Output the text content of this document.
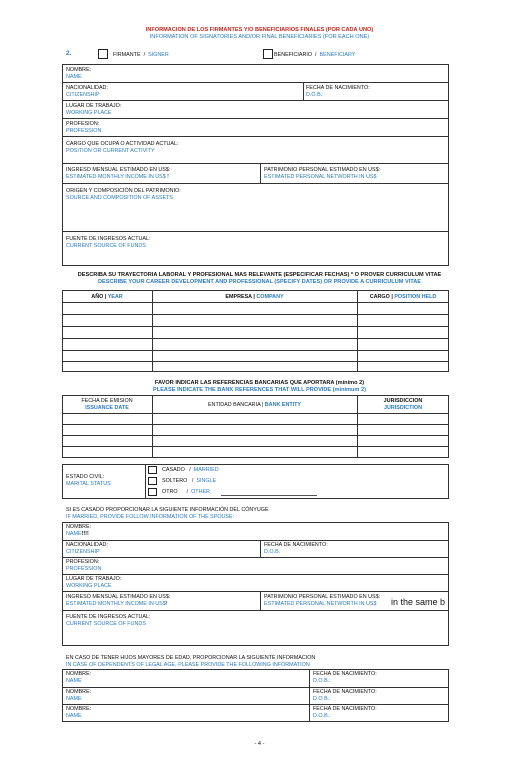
INFORMACION DE LOS FIRMANTES Y/O BENEFICIARIOS FINALES (POR CADA UNO)
INFORMATION OF SIGNATORIES AND/OR FINAL BENEFICIARIES (FOR EACH ONE)
2.	FIRMANTE / SIGNER	BENEFICIARIO / BENEFICIARY
NOMBRE:
NAME
NACIONALIDAD:
CITIZENSHIP
FECHA DE NACIMIENTO:
D.O.B.:
LUGAR DE TRABAJO:
WORKING PLACE
PROFESION:
PROFESSION
CARGO QUE OCUPA O ACTIVIDAD ACTUAL:
POSITION OR CURRENT ACTIVITY
INGRESO MENSUAL ESTIMADO EN US$:
ESTIMATED MONTHLY INCOME IN US$ !
PATRIMONIO PERSONAL ESTIMADO EN US$:
ESTIMATED PERSONAL NETWORTH IN US$
ORIGEN Y COMPOSICIÓN DEL PATRIMONIO:
SOURCE AND COMPOSITION OF ASSETS
FUENTE DE INGRESOS ACTUAL:
CURRENT SOURCE OF FUNDS
DESCRIBA SU TRAYECTORIA LABORAL Y PROFESIONAL MAS RELEVANTE (ESPECIFICAR FECHAS) * O PROVER CURRICULUM VITAE
DESCRIBE YOUR CAREER DEVELOPMENT AND PROFESSIONAL (SPECIFY DATES) OR PROVIDE A CURRICULUM VITAE
AÑO | YEAR	EMPRESA | COMPANY	CARGO | POSITION HELD
FAVOR INDICAR LAS REFERENCIAS BANCARIAS QUE APORTARA (mínimo 2)
PLEASE INDICATE THE BANK REFERENCES THAT WILL PROVIDE (minimum 2)
FECHA DE EMISION
ISSUANCE DATE	ENTIDAD BANCARIA | BANK ENTITY
JURISDICCION
JURISDICTION
ESTADO CIVIL:
MARITAL STATUS
CASADO / MARRIED
SOLTERO / SINGLE
OTRO / OTHER
SI ES CASADO PROPORCIONAR LA SIGUIENTE INFORMACIÓN DEL CÓNYUGE
IF MARRIED, PROVIDE FOLLOW INFORMATION OF THE SPOUSE:
NOMBRE:
NAME!!!!
NACIONALIDAD:
CITIZENSHIP
FECHA DE NACIMIENTO:
D.O.B.
PROFESION:
PROFESSION
LUGAR DE TRABAJO:
WORKING PLACE
INGRESO MENSUAL ESTIMADO EN US$:
ESTIMATED MONTHLY INCOME IN US$!
PATRIMONIO PERSONAL ESTIMADO EN US$:
ESTIMATED PERSONAL NETWORTH IN US$	in the same b
FUENTE DE INGRESOS ACTUAL:
CURRENT SOURCE OF FUNDS
EN CASO DE TENER HIJOS MAYORES DE EDAD, PROPORCIONAR LA SIGUIENTE INFORMACION
IN CASE OF DEPENDENTS OF LEGAL AGE, PLEASE PROVIDE THE FOLLOWING INFORMATION
NOMBRE:
NAME
FECHA DE NACIMIENTO:
D.O.B.:
NOMBRE:
NAME
FECHA DE NACIMIENTO:
D.O.B.:
NOMBRE:
NAME
FECHA DE NACIMIENTO:
D.O.B.:
- 4 -
